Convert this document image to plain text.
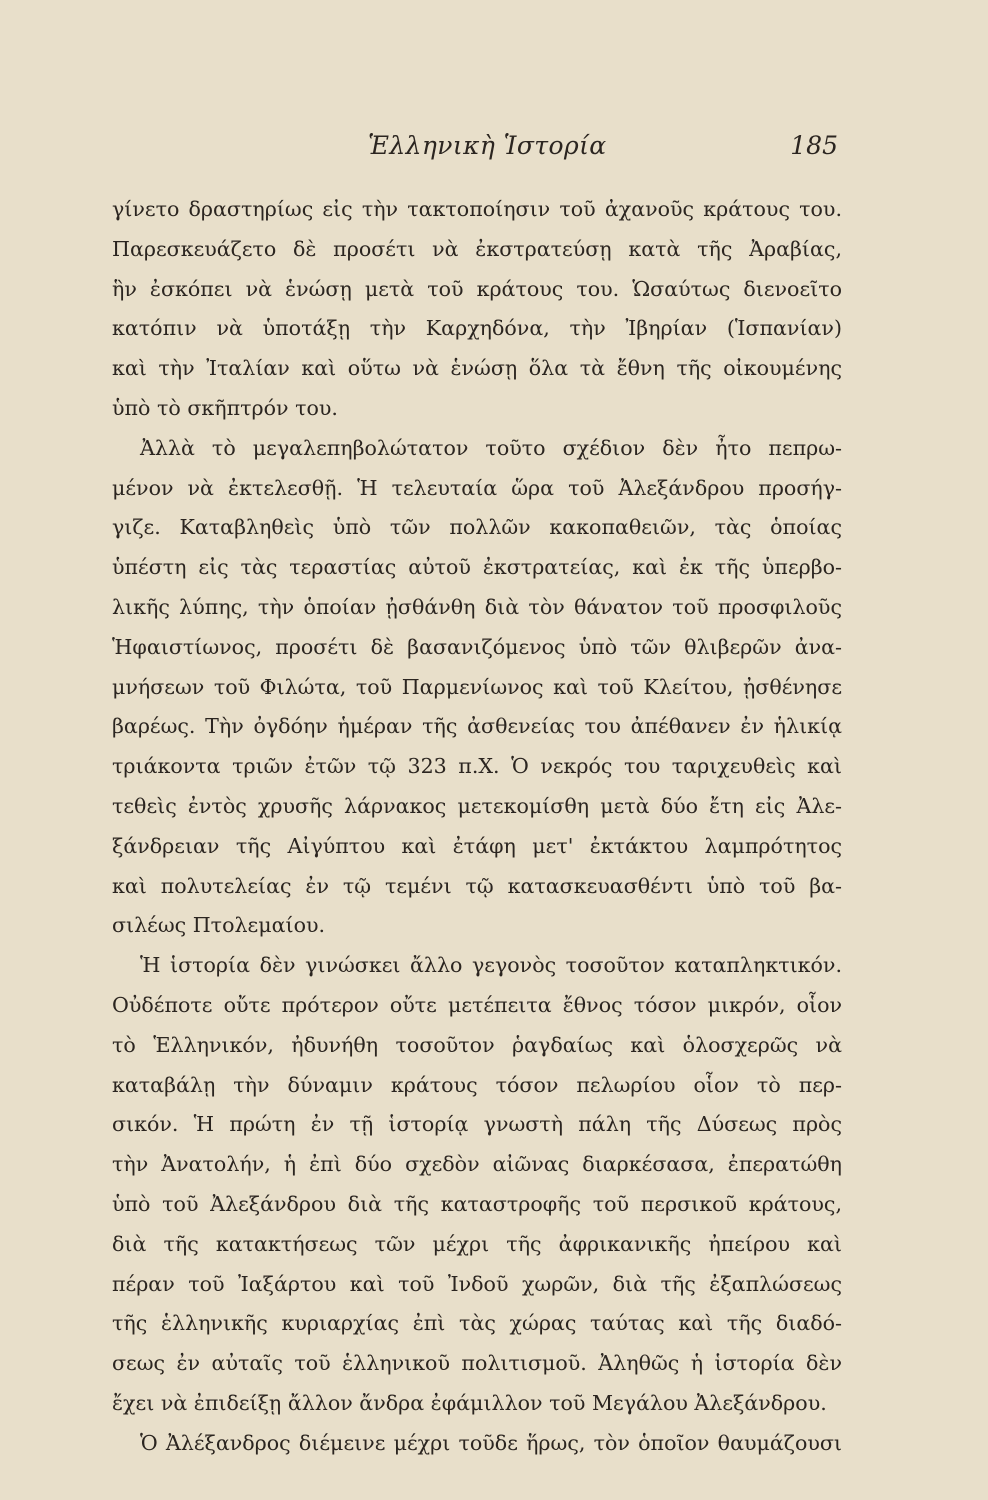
Ἑλληνικὴ Ἱστορία	185
γίνετο δραστηρίως εἰς τὴν τακτοποίησιν τοῦ ἀχανοῦς κράτους του.
Παρεσκευάζετο δὲ προσέτι νὰ ἐκστρατεύσῃ κατὰ τῆς Ἀραβίας,
ἣν ἐσκόπει νὰ ἑνώσῃ μετὰ τοῦ κράτους του. Ὡσαύτως διενοεῖτο
κατόπιν νὰ ὑποτάξῃ τὴν Καρχηδόνα, τὴν Ἰβηρίαν (Ἱσπανίαν)
καὶ τὴν Ἰταλίαν καὶ οὕτω νὰ ἑνώσῃ ὅλα τὰ ἔθνη τῆς οἰκουμένης
ὑπὸ τὸ σκῆπτρόν του.
Ἀλλὰ τὸ μεγαλεπηβολώτατον τοῦτο σχέδιον δὲν ἦτο πεπρω-
μένον νὰ ἐκτελεσθῇ. Ἡ τελευταία ὥρα τοῦ Ἀλεξάνδρου προσήγ-
γιζε. Καταβληθεὶς ὑπὸ τῶν πολλῶν κακοπαθειῶν, τὰς ὁποίας
ὑπέστη εἰς τὰς τεραστίας αὐτοῦ ἐκστρατείας, καὶ ἐκ τῆς ὑπερβο-
λικῆς λύπης, τὴν ὁποίαν ᾐσθάνθη διὰ τὸν θάνατον τοῦ προσφιλοῦς
Ἡφαιστίωνος, προσέτι δὲ βασανιζόμενος ὑπὸ τῶν θλιβερῶν ἀνα-
μνήσεων τοῦ Φιλώτα, τοῦ Παρμενίωνος καὶ τοῦ Κλείτου, ᾐσθένησε
βαρέως. Τὴν ὀγδόην ἡμέραν τῆς ἀσθενείας του ἀπέθανεν ἐν ἡλικίᾳ
τριάκοντα τριῶν ἐτῶν τῷ 323 π.Χ. Ὁ νεκρός του ταριχευθεὶς καὶ
τεθεὶς ἐντὸς χρυσῆς λάρνακος μετεκομίσθη μετὰ δύο ἔτη εἰς Ἀλε-
ξάνδρειαν τῆς Αἰγύπτου καὶ ἐτάφη μετ' ἐκτάκτου λαμπρότητος
καὶ πολυτελείας ἐν τῷ τεμένι τῷ κατασκευασθέντι ὑπὸ τοῦ βα-
σιλέως Πτολεμαίου.
Ἡ ἱστορία δὲν γινώσκει ἄλλο γεγονὸς τοσοῦτον καταπληκτικόν.
Οὐδέποτε οὔτε πρότερον οὔτε μετέπειτα ἔθνος τόσον μικρόν, οἷον
τὸ Ἑλληνικόν, ἠδυνήθη τοσοῦτον ῥαγδαίως καὶ ὁλοσχερῶς νὰ
καταβάλῃ τὴν δύναμιν κράτους τόσον πελωρίου οἷον τὸ περ-
σικόν. Ἡ πρώτη ἐν τῇ ἱστορίᾳ γνωστὴ πάλη τῆς Δύσεως πρὸς
τὴν Ἀνατολήν, ἡ ἐπὶ δύο σχεδὸν αἰῶνας διαρκέσασα, ἐπερατώθη
ὑπὸ τοῦ Ἀλεξάνδρου διὰ τῆς καταστροφῆς τοῦ περσικοῦ κράτους,
διὰ τῆς κατακτήσεως τῶν μέχρι τῆς ἀφρικανικῆς ἠπείρου καὶ
πέραν τοῦ Ἰαξάρτου καὶ τοῦ Ἰνδοῦ χωρῶν, διὰ τῆς ἐξαπλώσεως
τῆς ἑλληνικῆς κυριαρχίας ἐπὶ τὰς χώρας ταύτας καὶ τῆς διαδό-
σεως ἐν αὐταῖς τοῦ ἑλληνικοῦ πολιτισμοῦ. Ἀληθῶς ἡ ἱστορία δὲν
ἔχει νὰ ἐπιδείξῃ ἄλλον ἄνδρα ἐφάμιλλον τοῦ Μεγάλου Ἀλεξάνδρου.
Ὁ Ἀλέξανδρος διέμεινε μέχρι τοῦδε ἥρως, τὸν ὁποῖον θαυμάζουσι
